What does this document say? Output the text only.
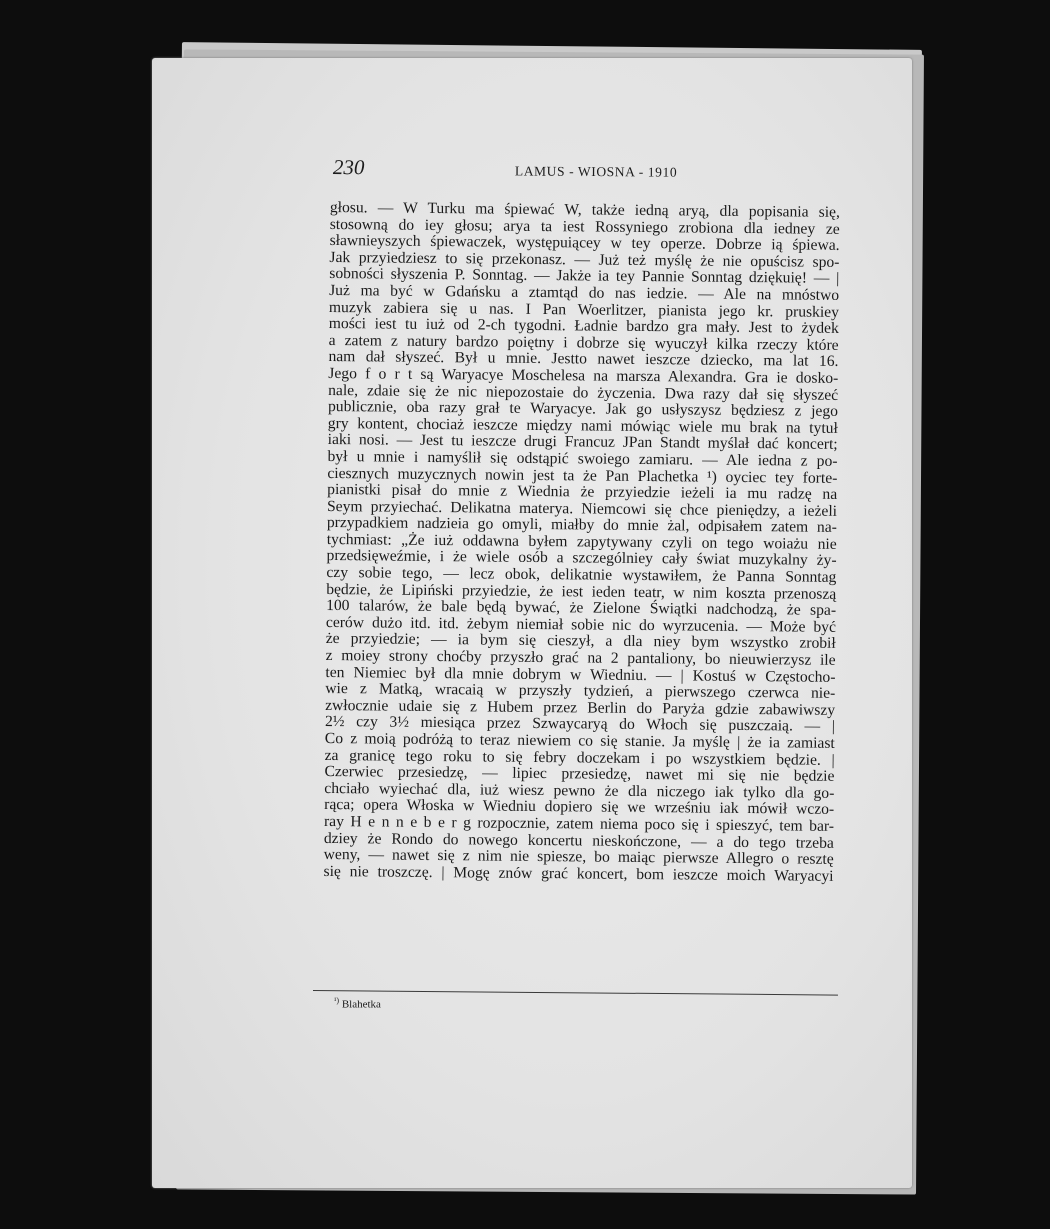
230	LAMUS - WIOSNA - 1910
głosu. — W Turku ma śpiewać W, także iedną aryą, dla popisania się,
stosowną do iey głosu; arya ta iest Rossyniego zrobiona dla iedney ze
sławnieyszych śpiewaczek, występuiącey w tey operze. Dobrze ią śpiewa.
Jak przyiedziesz to się przekonasz. — Już też myślę że nie opuścisz spo-
sobności słyszenia P. Sonntag. — Jakże ia tey Pannie Sonntag dziękuię! — |
Już ma być w Gdańsku a ztamtąd do nas iedzie. — Ale na mnóstwo
muzyk zabiera się u nas. I Pan Woerlitzer, pianista jego kr. pruskiey
mości iest tu iuż od 2-ch tygodni. Ładnie bardzo gra mały. Jest to żydek
a zatem z natury bardzo poiętny i dobrze się wyuczył kilka rzeczy które
nam dał słyszeć. Był u mnie. Jestto nawet ieszcze dziecko, ma lat 16.
Jego f o r t są Waryacye Moschelesa na marsza Alexandra. Gra ie dosko-
nale, zdaie się że nic niepozostaie do życzenia. Dwa razy dał się słyszeć
publicznie, oba razy grał te Waryacye. Jak go usłyszysz będziesz z jego
gry kontent, chociaż ieszcze między nami mówiąc wiele mu brak na tytuł
iaki nosi. — Jest tu ieszcze drugi Francuz JPan Standt myślał dać koncert;
był u mnie i namyślił się odstąpić swoiego zamiaru. — Ale iedna z po-
ciesznych muzycznych nowin jest ta że Pan Plachetka ¹) oyciec tey forte-
pianistki pisał do mnie z Wiednia że przyiedzie ieżeli ia mu radzę na
Seym przyiechać. Delikatna materya. Niemcowi się chce pieniędzy, a ieżeli
przypadkiem nadzieia go omyli, miałby do mnie żal, odpisałem zatem na-
tychmiast: „Że iuż oddawna byłem zapytywany czyli on tego woiażu nie
przedsięweźmie, i że wiele osób a szczególniey cały świat muzykalny ży-
czy sobie tego, — lecz obok, delikatnie wystawiłem, że Panna Sonntag
będzie, że Lipiński przyiedzie, że iest ieden teatr, w nim koszta przenoszą
100 talarów, że bale będą bywać, że Zielone Świątki nadchodzą, że spa-
cerów dużo itd. itd. żebym niemiał sobie nic do wyrzucenia. — Może być
że przyiedzie; — ia bym się cieszył, a dla niey bym wszystko zrobił
z moiey strony choćby przyszło grać na 2 pantaliony, bo nieuwierzysz ile
ten Niemiec był dla mnie dobrym w Wiedniu. — | Kostuś w Częstocho-
wie z Matką, wracaią w przyszły tydzień, a pierwszego czerwca nie-
zwłocznie udaie się z Hubem przez Berlin do Paryża gdzie zabawiwszy
2½ czy 3½ miesiąca przez Szwaycaryą do Włoch się puszczaią. — |
Co z moią podróżą to teraz niewiem co się stanie. Ja myślę | że ia zamiast
za granicę tego roku to się febry doczekam i po wszystkiem będzie. |
Czerwiec przesiedzę, — lipiec przesiedzę, nawet mi się nie będzie
chciało wyiechać dla, iuż wiesz pewno że dla niczego iak tylko dla go-
rąca; opera Włoska w Wiedniu dopiero się we wrześniu iak mówił wczo-
ray H e n n e b e r g rozpocznie, zatem niema poco się i spieszyć, tem bar-
dziey że Rondo do nowego koncertu nieskończone, — a do tego trzeba
weny, — nawet się z nim nie spiesze, bo maiąc pierwsze Allegro o resztę
się nie troszczę. | Mogę znów grać koncert, bom ieszcze moich Waryacyi
$^{^1)}$ Blahetka
